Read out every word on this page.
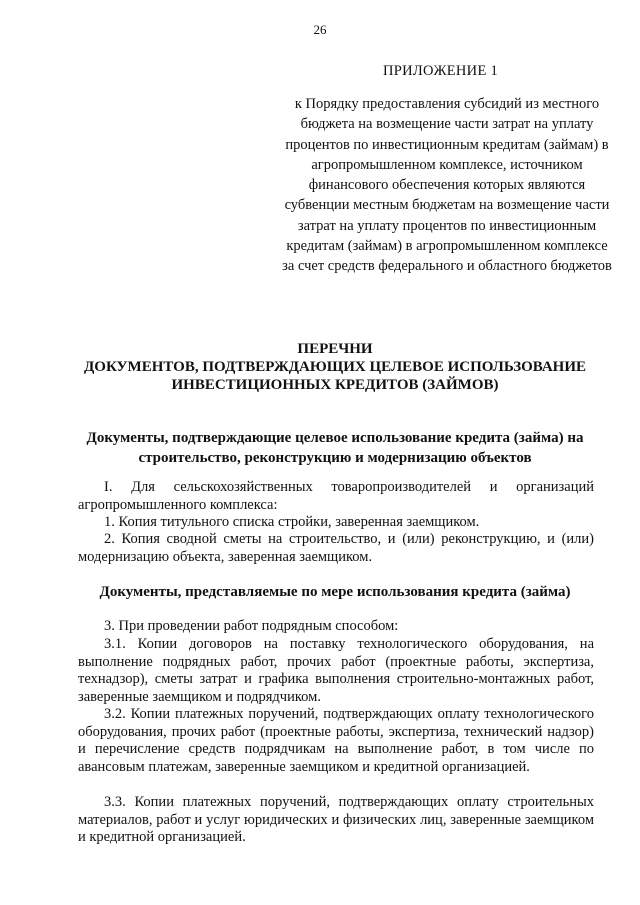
26
ПРИЛОЖЕНИЕ 1
к Порядку предоставления субсидий из местного бюджета на возмещение части затрат на уплату процентов по инвестиционным кредитам (займам) в агропромышленном комплексе, источником финансового обеспечения которых являются субвенции местным бюджетам на возмещение части затрат на уплату процентов по инвестиционным кредитам (займам) в агропромышленном комплексе за счет средств федерального и областного бюджетов
ПЕРЕЧНИ
ДОКУМЕНТОВ, ПОДТВЕРЖДАЮЩИХ ЦЕЛЕВОЕ ИСПОЛЬЗОВАНИЕ
ИНВЕСТИЦИОННЫХ КРЕДИТОВ (ЗАЙМОВ)
Документы, подтверждающие целевое использование кредита (займа) на
строительство, реконструкцию и модернизацию объектов
I. Для сельскохозяйственных товаропроизводителей и организаций агропромышленного комплекса:
1. Копия титульного списка стройки, заверенная заемщиком.
2. Копия сводной сметы на строительство, и (или) реконструкцию, и (или) модернизацию объекта, заверенная заемщиком.
Документы, представляемые по мере использования кредита (займа)
3. При проведении работ подрядным способом:
3.1. Копии договоров на поставку технологического оборудования, на выполнение подрядных работ, прочих работ (проектные работы, экспертиза, технадзор), сметы затрат и графика выполнения строительно-монтажных работ, заверенные заемщиком и подрядчиком.
3.2. Копии платежных поручений, подтверждающих оплату технологического оборудования, прочих работ (проектные работы, экспертиза, технический надзор) и перечисление средств подрядчикам на выполнение работ, в том числе по авансовым платежам, заверенные заемщиком и кредитной организацией.
3.3. Копии платежных поручений, подтверждающих оплату строительных материалов, работ и услуг юридических и физических лиц, заверенные заемщиком и кредитной организацией.
